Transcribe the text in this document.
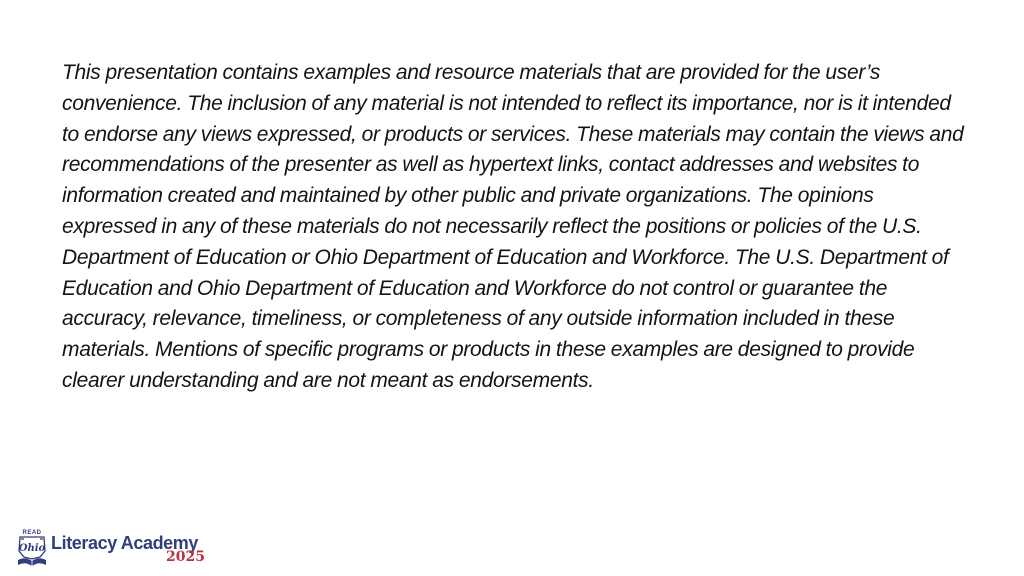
This presentation contains examples and resource materials that are provided for the user’s convenience. The inclusion of any material is not intended to reflect its importance, nor is it intended to endorse any views expressed, or products or services. These materials may contain the views and recommendations of the presenter as well as hypertext links, contact addresses and websites to information created and maintained by other public and private organizations. The opinions expressed in any of these materials do not necessarily reflect the positions or policies of the U.S. Department of Education or Ohio Department of Education and Workforce. The U.S. Department of Education and Ohio Department of Education and Workforce do not control or guarantee the accuracy, relevance, timeliness, or completeness of any outside information included in these materials. Mentions of specific programs or products in these examples are designed to provide clearer understanding and are not meant as endorsements.

READ
Ohio Literacy Academy
2025
